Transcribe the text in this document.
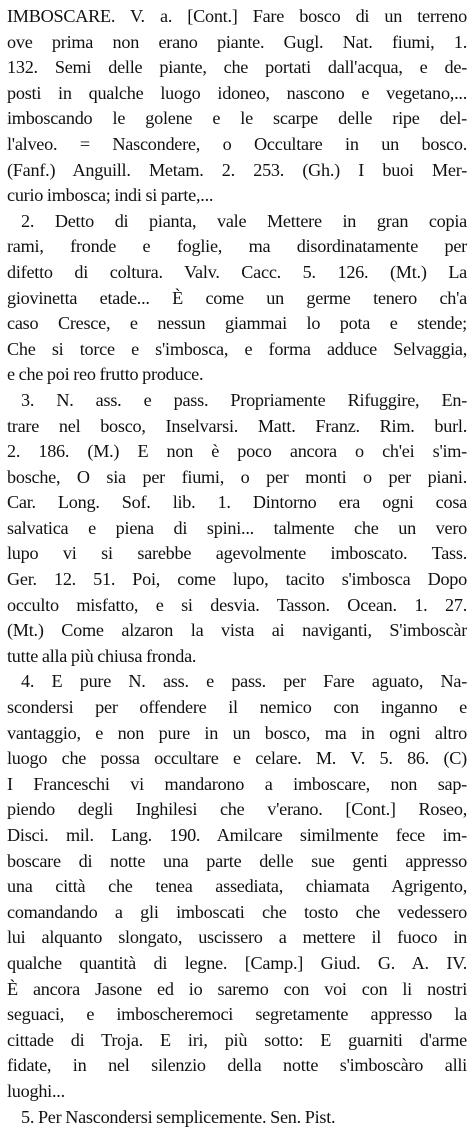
IMBOSCARE. V. a. [Cont.] Fare bosco di un terreno
ove prima non erano piante. Gugl. Nat. fiumi, 1.
132. Semi delle piante, che portati dall'acqua, e de-
posti in qualche luogo idoneo, nascono e vegetano,...
imboscando le golene e le scarpe delle ripe del-
l'alveo. = Nascondere, o Occultare in un bosco.
(Fanf.) Anguill. Metam. 2. 253. (Gh.) I buoi Mer-
curio imbosca; indi si parte,...
2. Detto di pianta, vale Mettere in gran copia
rami, fronde e foglie, ma disordinatamente per
difetto di coltura. Valv. Cacc. 5. 126. (Mt.) La
giovinetta etade... È come un germe tenero ch'a
caso Cresce, e nessun giammai lo pota e stende;
Che si torce e s'imbosca, e forma adduce Selvaggia,
e che poi reo frutto produce.
3. N. ass. e pass. Propriamente Rifuggire, En-
trare nel bosco, Inselvarsi. Matt. Franz. Rim. burl.
2. 186. (M.) E non è poco ancora o ch'ei s'im-
bosche, O sia per fiumi, o per monti o per piani.
Car. Long. Sof. lib. 1. Dintorno era ogni cosa
salvatica e piena di spini... talmente che un vero
lupo vi si sarebbe agevolmente imboscato. Tass.
Ger. 12. 51. Poi, come lupo, tacito s'imbosca Dopo
occulto misfatto, e si desvia. Tasson. Ocean. 1. 27.
(Mt.) Come alzaron la vista ai naviganti, S'imboscàr
tutte alla più chiusa fronda.
4. E pure N. ass. e pass. per Fare aguato, Na-
scondersi per offendere il nemico con inganno e
vantaggio, e non pure in un bosco, ma in ogni altro
luogo che possa occultare e celare. M. V. 5. 86. (C)
I Franceschi vi mandarono a imboscare, non sap-
piendo degli Inghilesi che v'erano. [Cont.] Roseo,
Disci. mil. Lang. 190. Amilcare similmente fece im-
boscare di notte una parte delle sue genti appresso
una città che tenea assediata, chiamata Agrigento,
comandando a gli imboscati che tosto che vedessero
lui alquanto slongato, uscissero a mettere il fuoco in
qualche quantità di legne. [Camp.] Giud. G. A. IV.
È ancora Jasone ed io saremo con voi con li nostri
seguaci, e imboscheremoci segretamente appresso la
cittade di Troja. E iri, più sotto: E guarniti d'arme
fidate, in nel silenzio della notte s'imboscàro alli
luoghi...
5. Per Nascondersi semplicemente. Sen. Pist.
